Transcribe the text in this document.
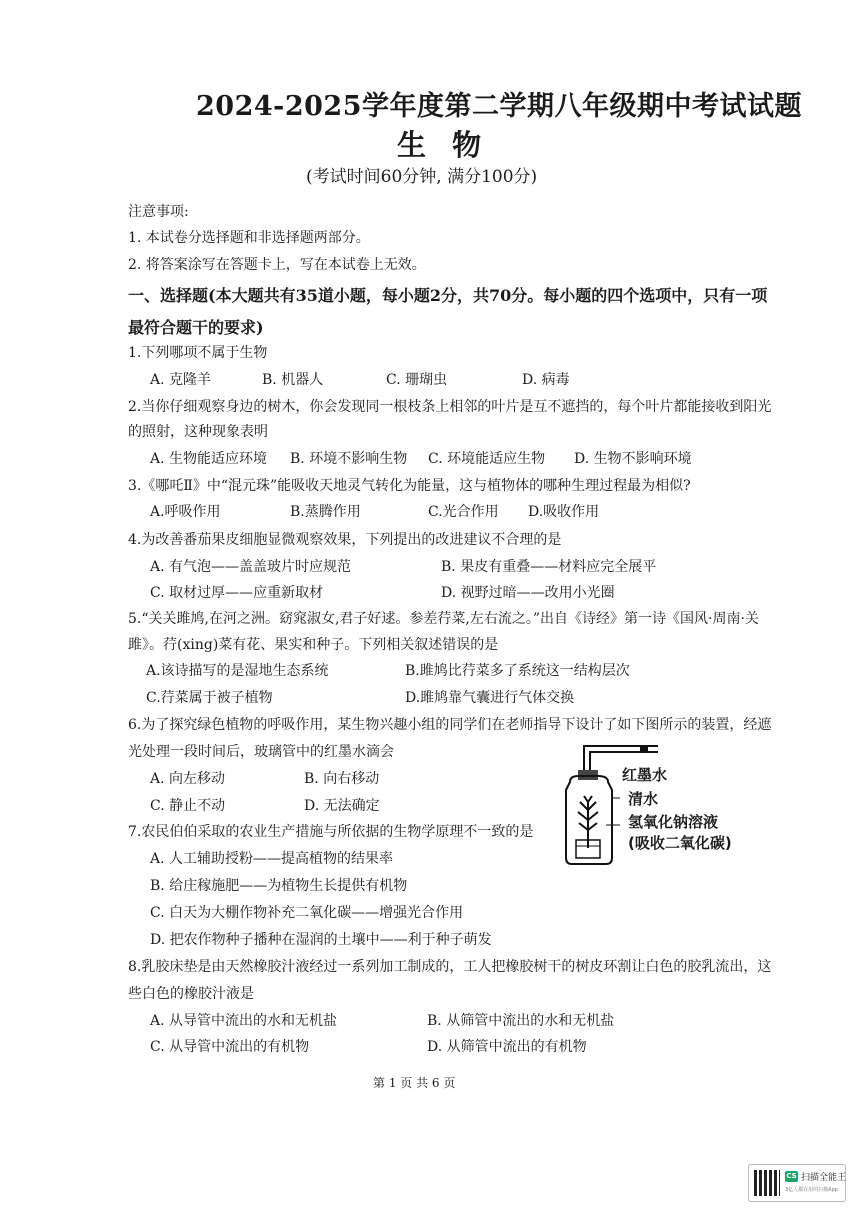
2024-2025学年度第二学期八年级期中考试试题
生 物
(考试时间60分钟, 满分100分)
注意事项:
1. 本试卷分选择题和非选择题两部分。
2. 将答案涂写在答题卡上，写在本试卷上无效。
一、选择题(本大题共有35道小题，每小题2分，共70分。每小题的四个选项中，只有一项
最符合题干的要求)
1.下列哪项不属于生物
A. 克隆羊	B. 机器人	C. 珊瑚虫	D. 病毒
2.当你仔细观察身边的树木，你会发现同一根枝条上相邻的叶片是互不遮挡的，每个叶片都能接收到阳光
的照射，这种现象表明
A. 生物能适应环境 B. 环境不影响生物 C. 环境能适应生物 D. 生物不影响环境
3.《哪吒Ⅱ》中“混元珠”能吸收天地灵气转化为能量，这与植物体的哪种生理过程最为相似?
A.呼吸作用	B.蒸腾作用	C.光合作用 D.吸收作用
4.为改善番茄果皮细胞显微观察效果，下列提出的改进建议不合理的是
A. 有气泡——盖盖玻片时应规范	B. 果皮有重叠——材料应完全展平
C. 取材过厚——应重新取材	D. 视野过暗——改用小光圈
5.“关关雎鸠,在河之洲。窈窕淑女,君子好逑。参差荇菜,左右流之。”出自《诗经》第一诗《国风·周南·关
雎》。荇(xing)菜有花、果实和种子。下列相关叙述错误的是
A.该诗描写的是湿地生态系统	B.雎鸠比荇菜多了系统这一结构层次
C.荇菜属于被子植物	D.雎鸠靠气囊进行气体交换
6.为了探究绿色植物的呼吸作用，某生物兴趣小组的同学们在老师指导下设计了如下图所示的装置，经遮
光处理一段时间后，玻璃管中的红墨水滴会
A. 向左移动	B. 向右移动
C. 静止不动	D. 无法确定
红墨水
清水
氢氧化钠溶液
(吸收二氧化碳)
7.农民伯伯采取的农业生产措施与所依据的生物学原理不一致的是
A. 人工辅助授粉——提高植物的结果率
B. 给庄稼施肥——为植物生长提供有机物
C. 白天为大棚作物补充二氧化碳——增强光合作用
D. 把农作物种子播种在湿润的土壤中——利于种子萌发
8.乳胶床垫是由天然橡胶汁液经过一系列加工制成的，工人把橡胶树干的树皮环割让白色的胶乳流出，这
些白色的橡胶汁液是
A. 从导管中流出的水和无机盐	B. 从筛管中流出的水和无机盐
C. 从导管中流出的有机物	D. 从筛管中流出的有机物
第 1 页 共 6 页
CS 扫描全能王
3亿人都在用的扫描App
